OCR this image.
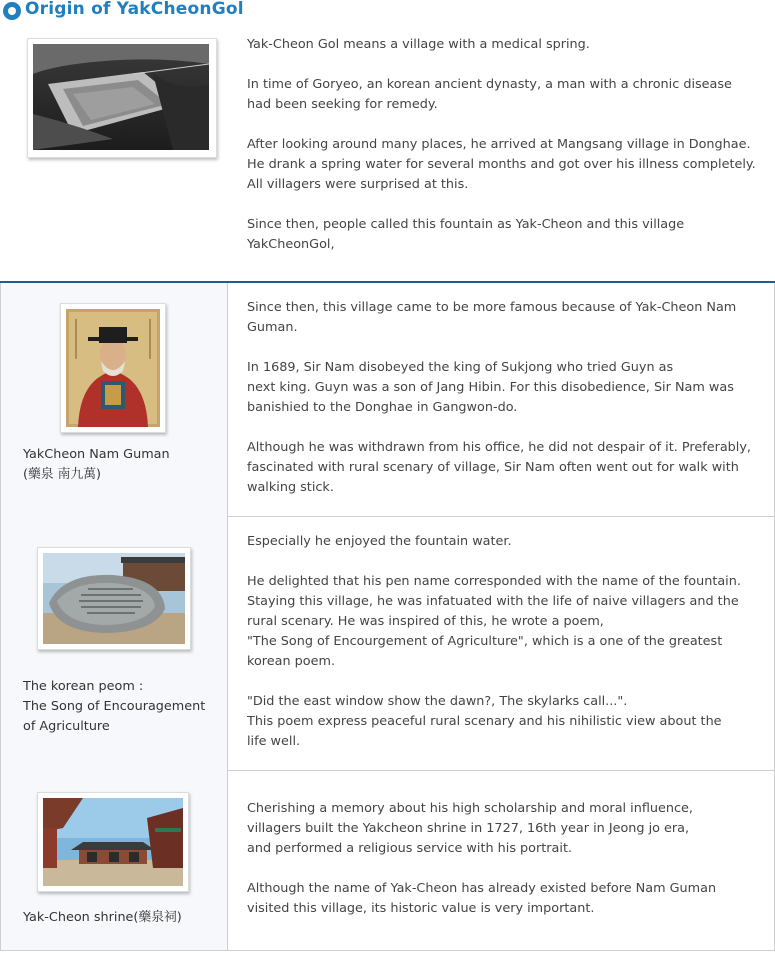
Origin of YakCheonGol

Yak-Cheon Gol means a village with a medical spring.

In time of Goryeo, an korean ancient dynasty, a man with a chronic disease
had been seeking for remedy.

After looking around many places, he arrived at Mangsang village in Donghae.
He drank a spring water for several months and got over his illness completely.
All villagers were surprised at this.

Since then, people called this fountain as Yak-Cheon and this village
YakCheonGol,

YakCheon Nam Guman
(藥泉 南九萬)

Since then, this village came to be more famous because of Yak-Cheon Nam
Guman.

In 1689, Sir Nam disobeyed the king of Sukjong who tried Guyn as
next king. Guyn was a son of Jang Hibin. For this disobedience, Sir Nam was
banishied to the Donghae in Gangwon-do.

Although he was withdrawn from his office, he did not despair of it. Preferably,
fascinated with rural scenary of village, Sir Nam often went out for walk with
walking stick.

The korean peom :
The Song of Encouragement
of Agriculture

Especially he enjoyed the fountain water.

He delighted that his pen name corresponded with the name of the fountain.
Staying this village, he was infatuated with the life of naive villagers and the
rural scenary. He was inspired of this, he wrote a poem,
"The Song of Encourgement of Agriculture", which is a one of the greatest
korean poem.

"Did the east window show the dawn?, The skylarks call...".
This poem express peaceful rural scenary and his nihilistic view about the
life well.

Yak-Cheon shrine(藥泉祠)

Cherishing a memory about his high scholarship and moral influence,
villagers built the Yakcheon shrine in 1727, 16th year in Jeong jo era,
and performed a religious service with his portrait.

Although the name of Yak-Cheon has already existed before Nam Guman
visited this village, its historic value is very important.
